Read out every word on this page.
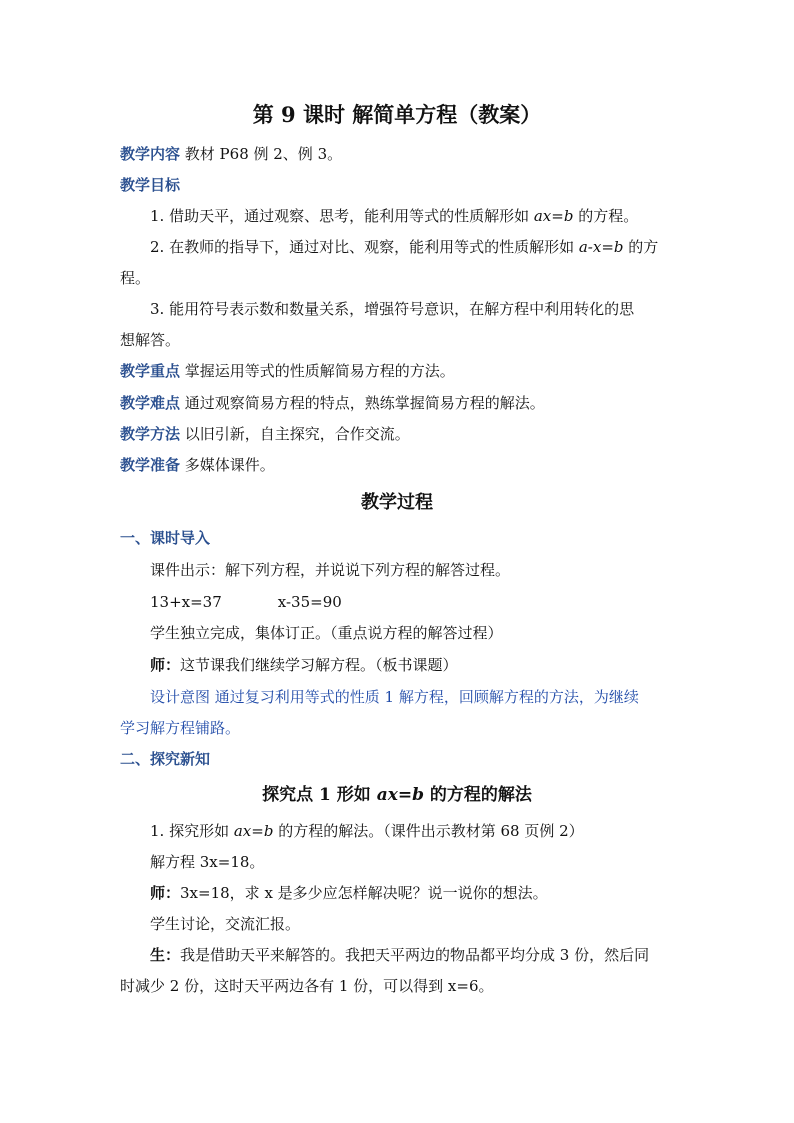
第 9 课时 解简单方程（教案）
教学内容 教材 P68 例 2、例 3。
教学目标
1. 借助天平，通过观察、思考，能利用等式的性质解形如 ax=b 的方程。
2. 在教师的指导下，通过对比、观察，能利用等式的性质解形如 a-x=b 的方
程。
3. 能用符号表示数和数量关系，增强符号意识，在解方程中利用转化的思
想解答。
教学重点 掌握运用等式的性质解简易方程的方法。
教学难点 通过观察简易方程的特点，熟练掌握简易方程的解法。
教学方法 以旧引新，自主探究，合作交流。
教学准备 多媒体课件。
教学过程
一、课时导入
课件出示：解下列方程，并说说下列方程的解答过程。
13+x=37	x-35=90
学生独立完成，集体订正。（重点说方程的解答过程）
师：这节课我们继续学习解方程。（板书课题）
设计意图 通过复习利用等式的性质 1 解方程，回顾解方程的方法，为继续
学习解方程铺路。
二、探究新知
探究点 1 形如 ax=b 的方程的解法
1. 探究形如 ax=b 的方程的解法。（课件出示教材第 68 页例 2）
解方程 3x=18。
师：3x=18，求 x 是多少应怎样解决呢？说一说你的想法。
学生讨论，交流汇报。
生：我是借助天平来解答的。我把天平两边的物品都平均分成 3 份，然后同
时减少 2 份，这时天平两边各有 1 份，可以得到 x=6。
